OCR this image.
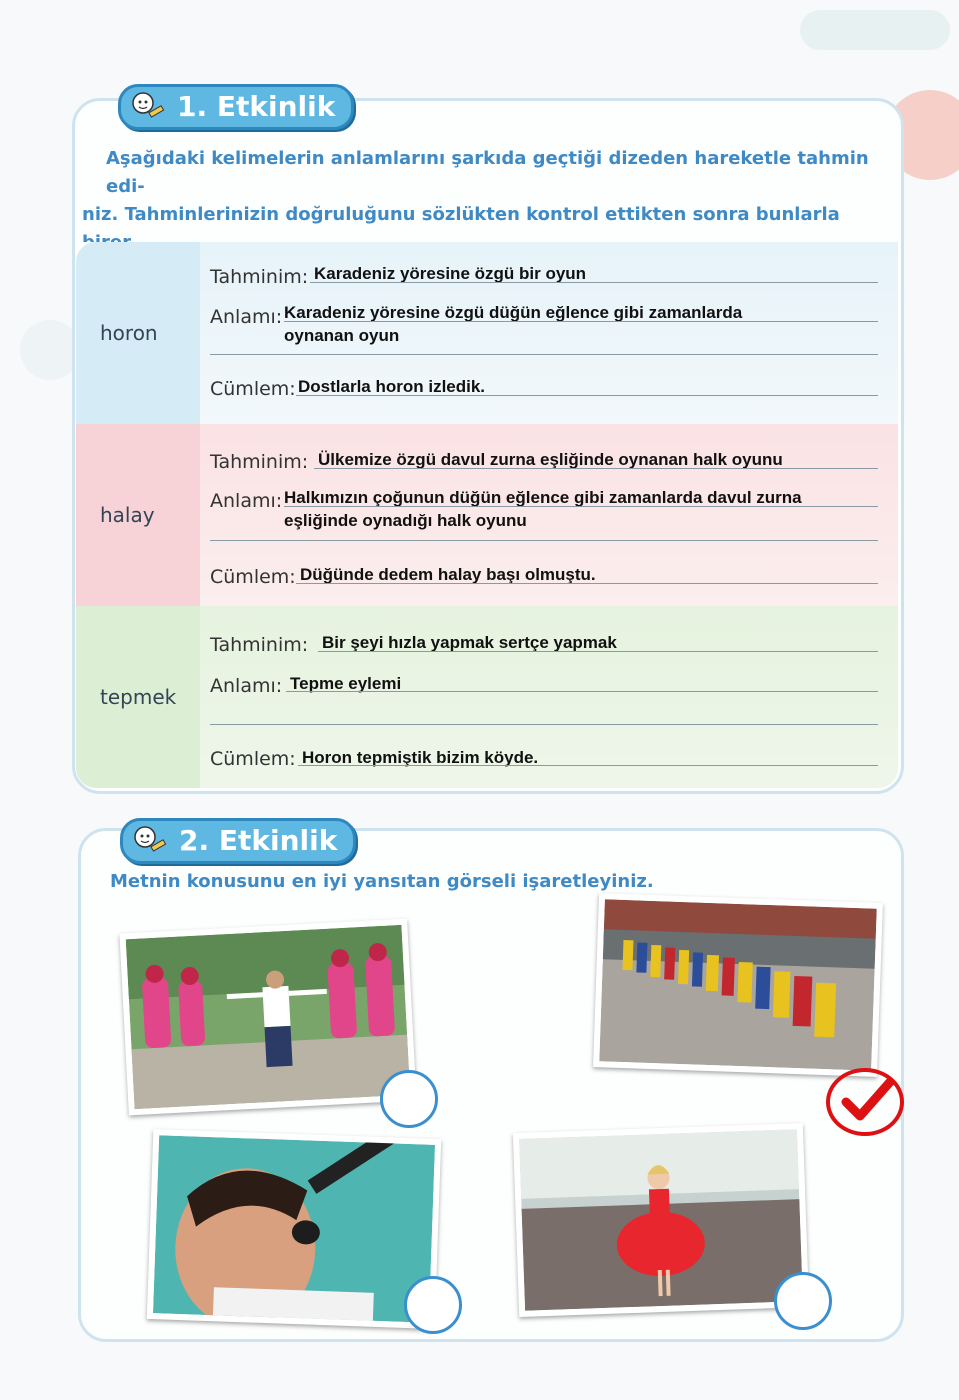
1. Etkinlik
Aşağıdaki kelimelerin anlamlarını şarkıda geçtiği dizeden hareketle tahmin edi-
niz. Tahminlerinizin doğruluğunu sözlükten kontrol ettikten sonra bunlarla
horon
Tahminim: Karadeniz yöresine özgü bir oyun
Anlamı: Karadeniz yöresine özgü düğün eğlence gibi zamanlarda
oynanan oyun
Cümlem: Dostlarla horon izledik.
halay
Tahminim: Ülkemize özgü davul zurna eşliğinde oynanan halk oyunu
Anlamı: Halkımızın çoğunun düğün eğlence gibi zamanlarda davul zurna
eşliğinde oynadığı halk oyunu
Cümlem: Düğünde dedem halay başı olmuştu.
tepmek
Tahminim: Bir şeyi hızla yapmak sertçe yapmak
Anlamı: Tepme eylemi
Cümlem: Horon tepmiştik bizim köyde.
2. Etkinlik
Metnin konusunu en iyi yansıtan görseli işaretleyiniz.
